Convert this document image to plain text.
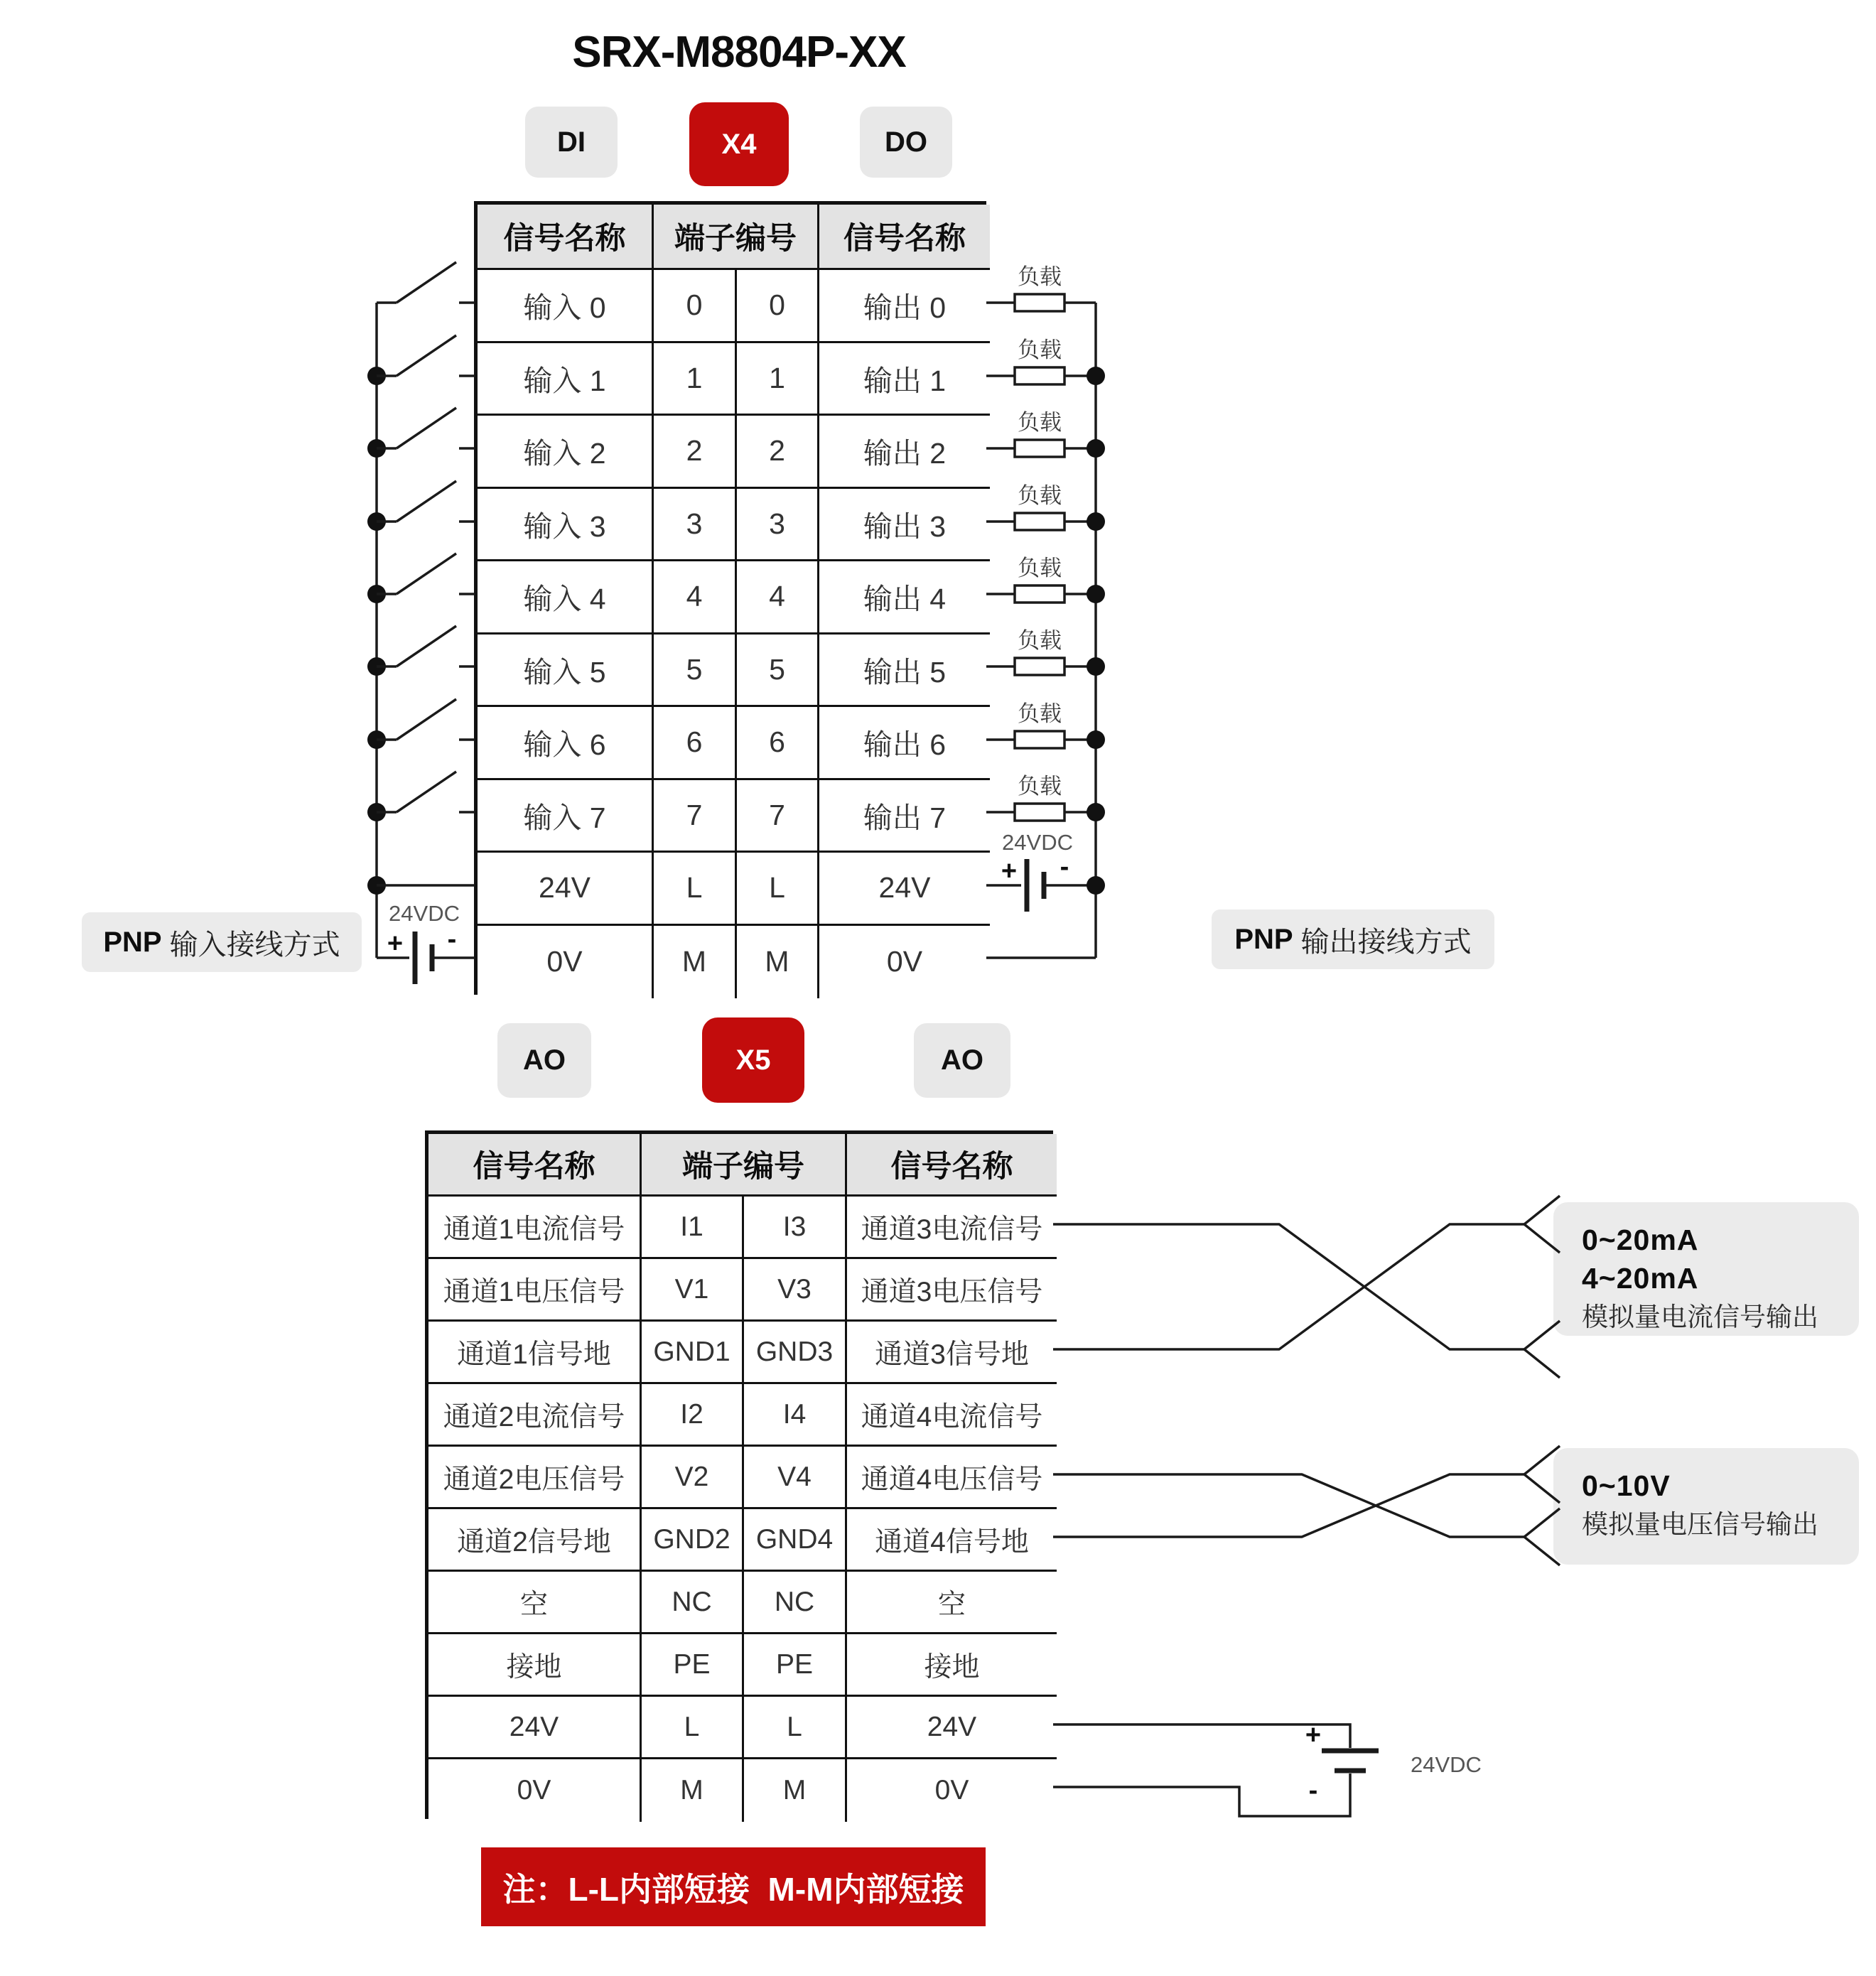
SRX-M8804P-XX
DI	X4	DO
信号名称	端子编号	信号名称
输入 0	0	0	输出 0
输入 1	1	1	输出 1
输入 2	2	2	输出 2
输入 3	3	3	输出 3
输入 4	4	4	输出 4
输入 5	5	5	输出 5
输入 6	6	6	输出 6
输入 7	7	7	输出 7
24V	L	L	24V
0V	M	M	0V
PNP 输入接线方式	PNP 输出接线方式
AO	X5	AO
信号名称	端子编号	信号名称
通道1电流信号	I1	I3	通道3电流信号
通道1电压信号	V1	V3	通道3电压信号
通道1信号地	GND1 GND3	通道3信号地
通道2电流信号	I2	I4	通道4电流信号
通道2电压信号	V2	V4	通道4电压信号
通道2信号地	GND2 GND4	通道4信号地
空	NC	NC	空
接地	PE	PE	接地
24V	L	L	24V
0V	M	M	0V
0~20mA
4~20mA
模拟量电流信号输出
0~10V
模拟量电压信号输出
注：L-L内部短接  M-M内部短接
+ -
24VDC
负载
负载
负载
负载
负载
负载
负载
负载
+ -
24VDC
+
-
24VDC
